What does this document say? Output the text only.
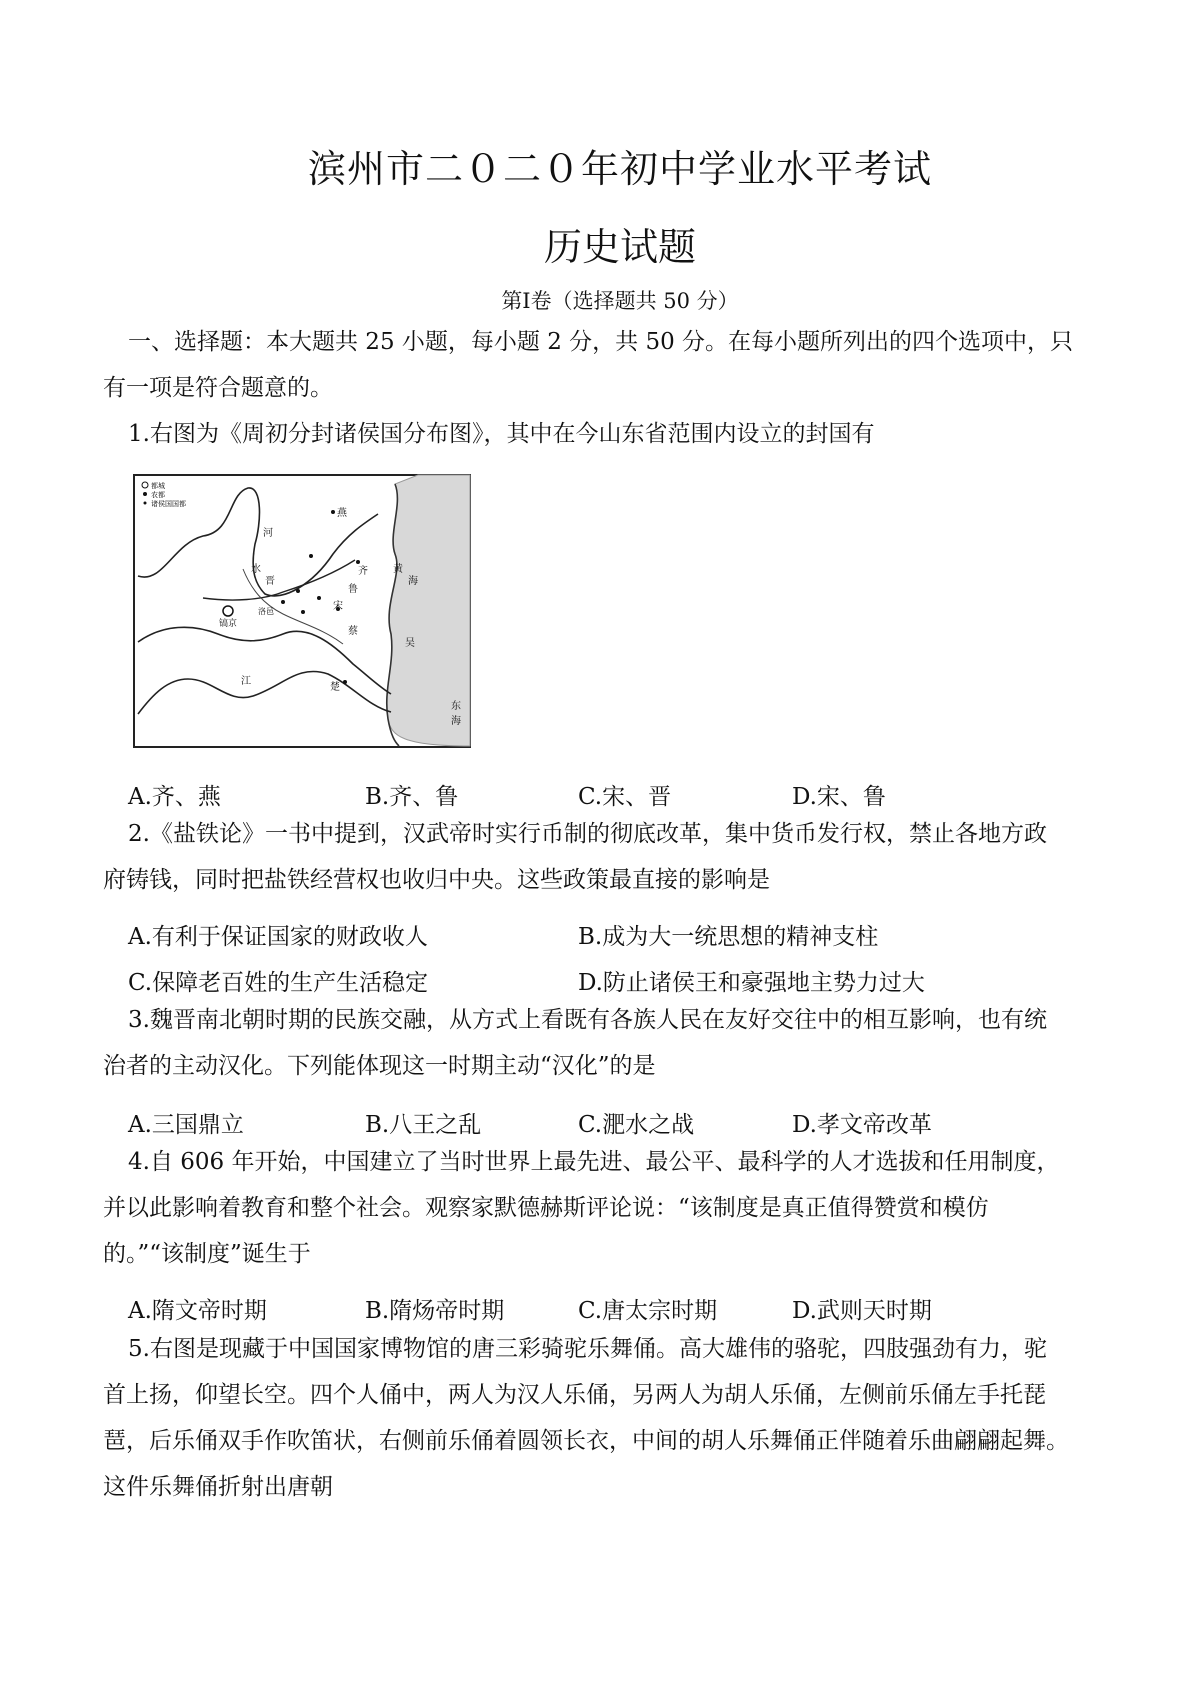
滨州市二０二０年初中学业水平考试
历史试题
第Ⅰ卷（选择题共 50 分）
一、选择题：本大题共 25 小题，每小题 2 分，共 50 分。在每小题所列出的四个选项中，只
有一项是符合题意的。
1.右图为《周初分封诸侯国分布图》，其中在今山东省范围内设立的封国有
都城
农都
诸侯国国都
燕
河
水
晋
齐
鲁
洛邑	宋
镐京
黄
海
蔡
吴
江
东
海
楚
A.齐、燕	B.齐、鲁	C.宋、晋	D.宋、鲁
2.《盐铁论》一书中提到，汉武帝时实行币制的彻底改革，集中货币发行权，禁止各地方政
府铸钱，同时把盐铁经营权也收归中央。这些政策最直接的影响是
A.有利于保证国家的财政收人	B.成为大一统思想的精神支柱
C.保障老百姓的生产生活稳定	D.防止诸侯王和豪强地主势力过大
3.魏晋南北朝时期的民族交融，从方式上看既有各族人民在友好交往中的相互影响，也有统
治者的主动汉化。下列能体现这一时期主动“汉化”的是
A.三国鼎立	B.八王之乱	C.淝水之战	D.孝文帝改革
4.自 606 年开始，中国建立了当时世界上最先进、最公平、最科学的人才选拔和任用制度，
并以此影响着教育和整个社会。观察家默德赫斯评论说：“该制度是真正值得赞赏和模仿
的。”“该制度”诞生于
A.隋文帝时期	B.隋炀帝时期	C.唐太宗时期	D.武则天时期
5.右图是现藏于中国国家博物馆的唐三彩骑驼乐舞俑。高大雄伟的骆驼，四肢强劲有力，驼
首上扬，仰望长空。四个人俑中，两人为汉人乐俑，另两人为胡人乐俑，左侧前乐俑左手托琵
琶，后乐俑双手作吹笛状，右侧前乐俑着圆领长衣，中间的胡人乐舞俑正伴随着乐曲翩翩起舞。
这件乐舞俑折射出唐朝
